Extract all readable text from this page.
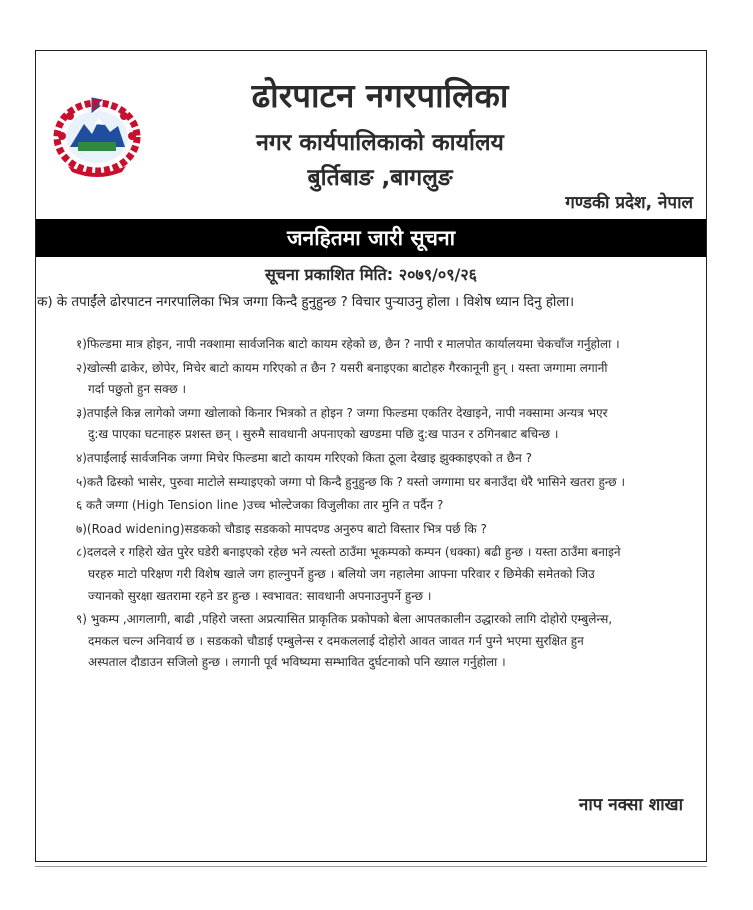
ढोरपाटन नगरपालिका
नगर कार्यपालिकाको कार्यालय
बुर्तिबाङ ,बागलुङ
गण्डकी प्रदेश, नेपाल
जनहितमा जारी सूचना
सूचना प्रकाशित मिति: २०७९/०९/२६
क) के तपाईंले ढोरपाटन नगरपालिका भित्र जग्गा किन्दै हुनुहुन्छ ? विचार पुर्‍याउनु होला । विशेष ध्यान दिनु होला।
१)फिल्डमा मात्र होइन, नापी नक्शामा सार्वजनिक बाटो कायम रहेको छ, छैन ? नापी र मालपोत कार्यालयमा चेकचाँज गर्नुहोला ।
२)खोल्सी ढाकेर, छोपेर, मिचेर बाटो कायम गरिएको त छैन ? यसरी बनाइएका बाटोहरु गैरकानूनी हुन् । यस्ता जग्गामा लगानी
गर्दा पछुतो हुन सक्छ ।
३)तपाईंले किन्न लागेको जग्गा खोलाको किनार भित्रको त होइन ? जग्गा फिल्डमा एकतिर देखाइने, नापी नक्सामा अन्यत्र भएर
दु:ख पाएका घटनाहरु प्रशस्त छन् । सुरुमै सावधानी अपनाएको खण्डमा पछि दु:ख पाउन र ठगिनबाट बचिन्छ ।
४)तपाईंलाई सार्वजनिक जग्गा मिचेर फिल्डमा बाटो कायम गरिएको किता ठूला देखाइ झुक्काइएको त छैन ?
५)कतै ढिस्को भासेर, पुरुवा माटोले सम्याइएको जग्गा पो किन्दै हुनुहुन्छ कि ? यस्तो जग्गामा घर बनाउँदा धेरै भासिने खतरा हुन्छ ।
६ कतै जग्गा (High Tension line )उच्च भोल्टेजका विजुलीका तार मुनि त पर्दैन ?
७)(Road widening)सडकको चौडाइ सडकको मापदण्ड अनुरुप बाटो विस्तार भित्र पर्छ कि ?
८)दलदले र गहिरो खेत पुरेर घडेरी बनाइएको रहेछ भने त्यस्तो ठाउँमा भूकम्पको कम्पन (धक्का) बढी हुन्छ । यस्ता ठाउँमा बनाइने
घरहरु माटो परिक्षण गरी विशेष खाले जग हाल्नुपर्ने हुन्छ । बलियो जग नहालेमा आफ्ना परिवार र छिमेकी समेतको जिउ
ज्यानको सुरक्षा खतरामा रहने डर हुन्छ । स्वभावत: सावधानी अपनाउनुपर्ने हुन्छ ।
९) भुकम्प ,आगलागी, बाढी ,पहिरो जस्ता अप्रत्यासित प्राकृतिक प्रकोपको बेला आपतकालीन उद्धारको लागि दोहोरो एम्बुलेन्स,
दमकल चल्न अनिवार्य छ । सडकको चौडाई एम्बुलेन्स र दमकललाई दोहोरो आवत जावत गर्न पुग्ने भएमा सुरक्षित हुन
अस्पताल दौडाउन सजिलो हुन्छ । लगानी पूर्व भविष्यमा सम्भावित दुर्घटनाको पनि ख्याल गर्नुहोला ।
नाप नक्सा शाखा
